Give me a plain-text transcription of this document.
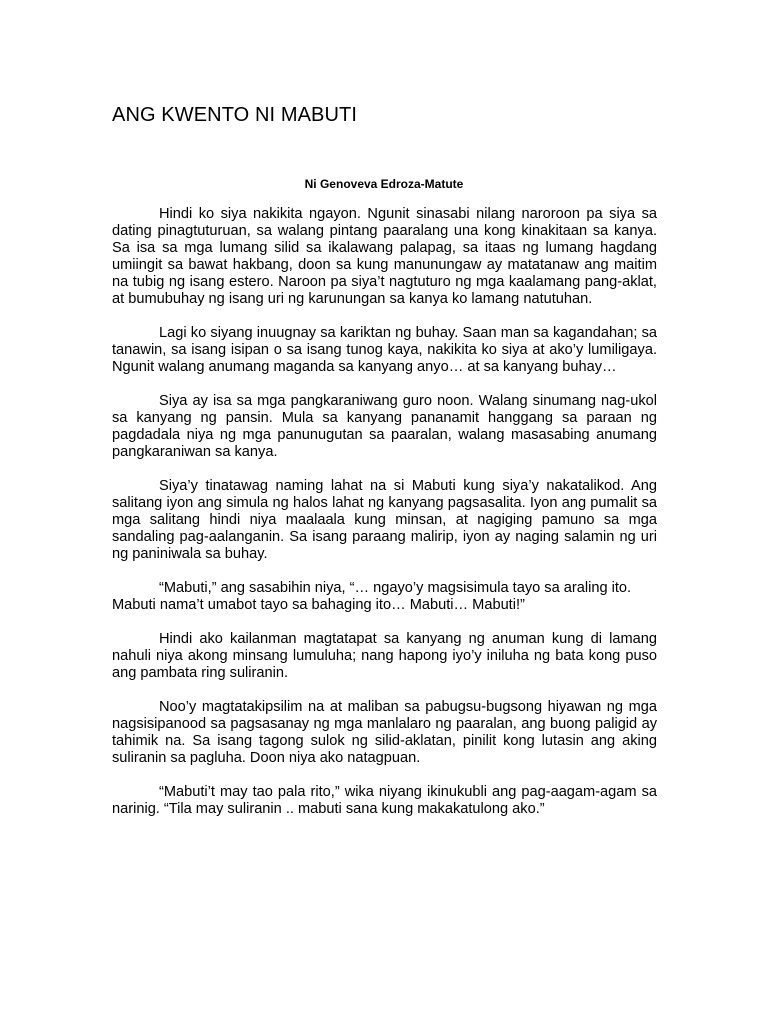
ANG KWENTO NI MABUTI

Ni Genoveva Edroza-Matute

Hindi ko siya nakikita ngayon. Ngunit sinasabi nilang naroroon pa siya sa dating pinagtuturuan, sa walang pintang paaralang una kong kinakitaan sa kanya. Sa isa sa mga lumang silid sa ikalawang palapag, sa itaas ng lumang hagdang umiingit sa bawat hakbang, doon sa kung manunungaw ay matatanaw ang maitim na tubig ng isang estero. Naroon pa siya’t nagtuturo ng mga kaalamang pang-aklat, at bumubuhay ng isang uri ng karunungan sa kanya ko lamang natutuhan.

Lagi ko siyang inuugnay sa kariktan ng buhay. Saan man sa kagandahan; sa tanawin, sa isang isipan o sa isang tunog kaya, nakikita ko siya at ako’y lumiligaya. Ngunit walang anumang maganda sa kanyang anyo… at sa kanyang buhay…

Siya ay isa sa mga pangkaraniwang guro noon. Walang sinumang nag-ukol sa kanyang ng pansin. Mula sa kanyang pananamit hanggang sa paraan ng pagdadala niya ng mga panunugutan sa paaralan, walang masasabing anumang pangkaraniwan sa kanya.

Siya’y tinatawag naming lahat na si Mabuti kung siya’y nakatalikod. Ang salitang iyon ang simula ng halos lahat ng kanyang pagsasalita. Iyon ang pumalit sa mga salitang hindi niya maalaala kung minsan, at nagiging pamuno sa mga sandaling pag-aalanganin. Sa isang paraang malirip, iyon ay naging salamin ng uri ng paniniwala sa buhay.

“Mabuti,” ang sasabihin niya, “… ngayo’y magsisimula tayo sa araling ito.
Mabuti nama’t umabot tayo sa bahaging ito… Mabuti… Mabuti!”

Hindi ako kailanman magtatapat sa kanyang ng anuman kung di lamang nahuli niya akong minsang lumuluha; nang hapong iyo’y iniluha ng bata kong puso ang pambata ring suliranin.

Noo’y magtatakipsilim na at maliban sa pabugsu-bugsong hiyawan ng mga nagsisipanood sa pagsasanay ng mga manlalaro ng paaralan, ang buong paligid ay tahimik na. Sa isang tagong sulok ng silid-aklatan, pinilit kong lutasin ang aking suliranin sa pagluha. Doon niya ako natagpuan.

“Mabuti’t may tao pala rito,” wika niyang ikinukubli ang pag-aagam-agam sa narinig. “Tila may suliranin .. mabuti sana kung makakatulong ako.”
